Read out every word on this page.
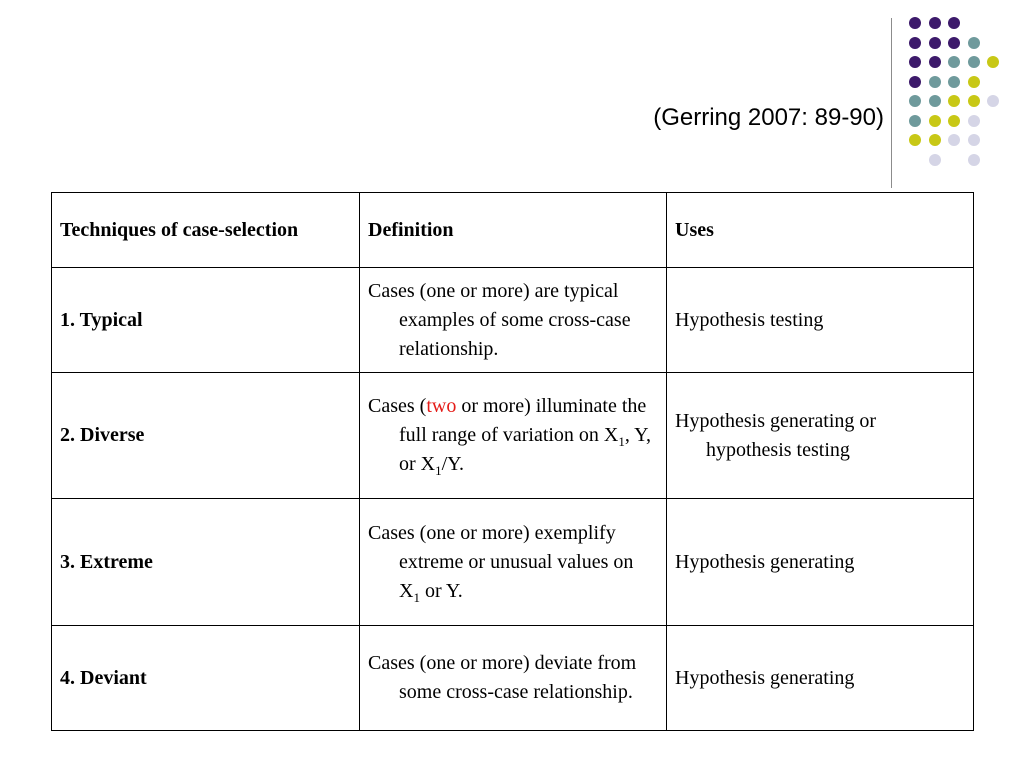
(Gerring 2007: 89-90)
Techniques of case-selection	Definition	Uses
1. Typical	Cases (one or more) are typical examples of some cross-case relationship.	Hypothesis testing
2. Diverse	Cases (two or more) illuminate the full range of variation on $X_1$, Y, or $X_1/Y$.	Hypothesis generating or hypothesis testing
3. Extreme	Cases (one or more) exemplify extreme or unusual values on $X_1$ or Y.	Hypothesis generating
4. Deviant	Cases (one or more) deviate from some cross-case relationship.	Hypothesis generating
